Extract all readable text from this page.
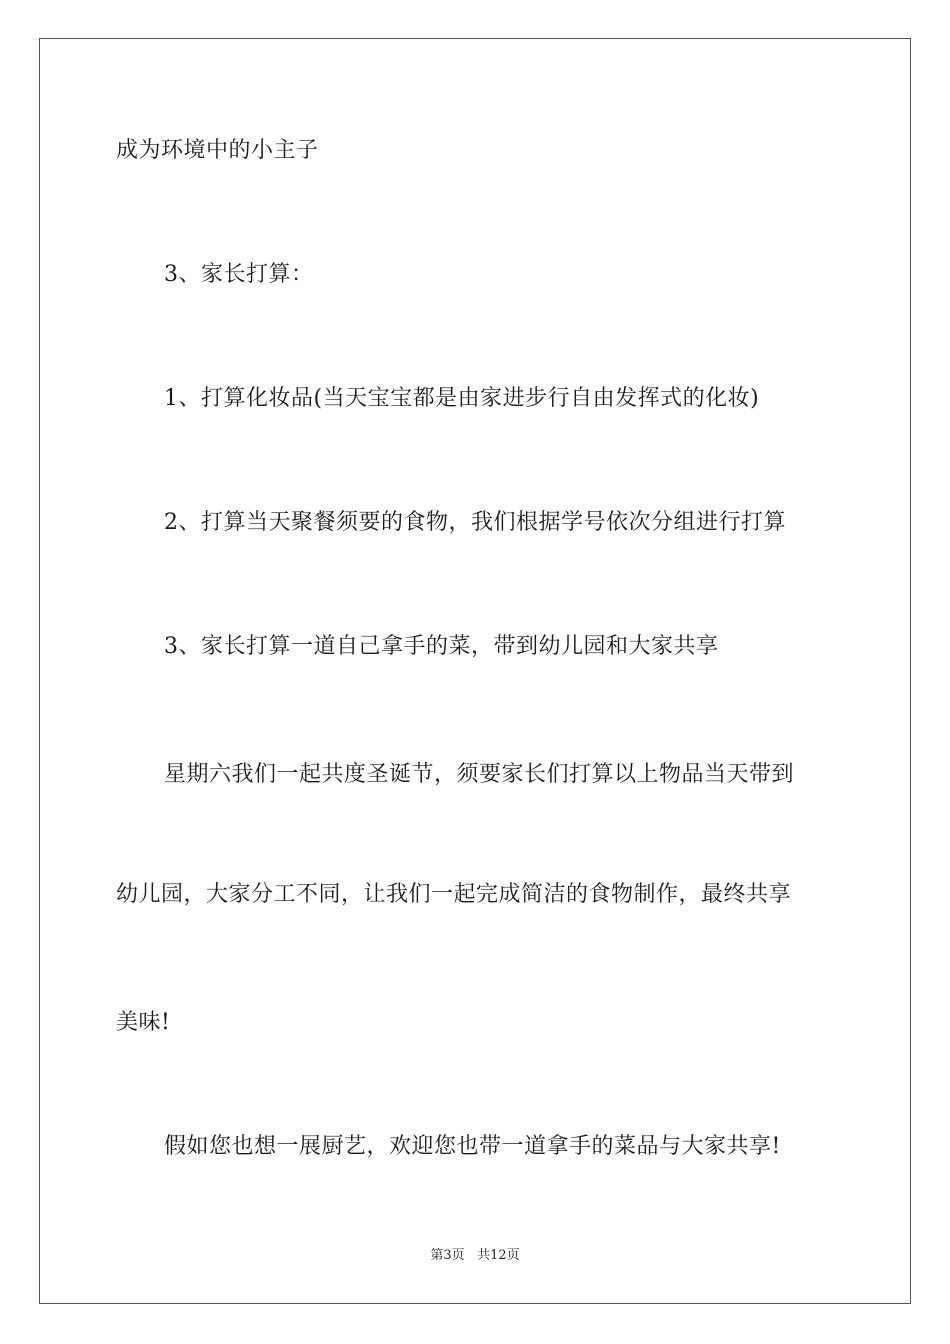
成为环境中的小主子
3、家长打算：
1、打算化妆品(当天宝宝都是由家进步行自由发挥式的化妆)
2、打算当天聚餐须要的食物，我们根据学号依次分组进行打算
3、家长打算一道自己拿手的菜，带到幼儿园和大家共享
星期六我们一起共度圣诞节，须要家长们打算以上物品当天带到
幼儿园，大家分工不同，让我们一起完成简洁的食物制作，最终共享
美味!
假如您也想一展厨艺，欢迎您也带一道拿手的菜品与大家共享!
第3页 共12页
